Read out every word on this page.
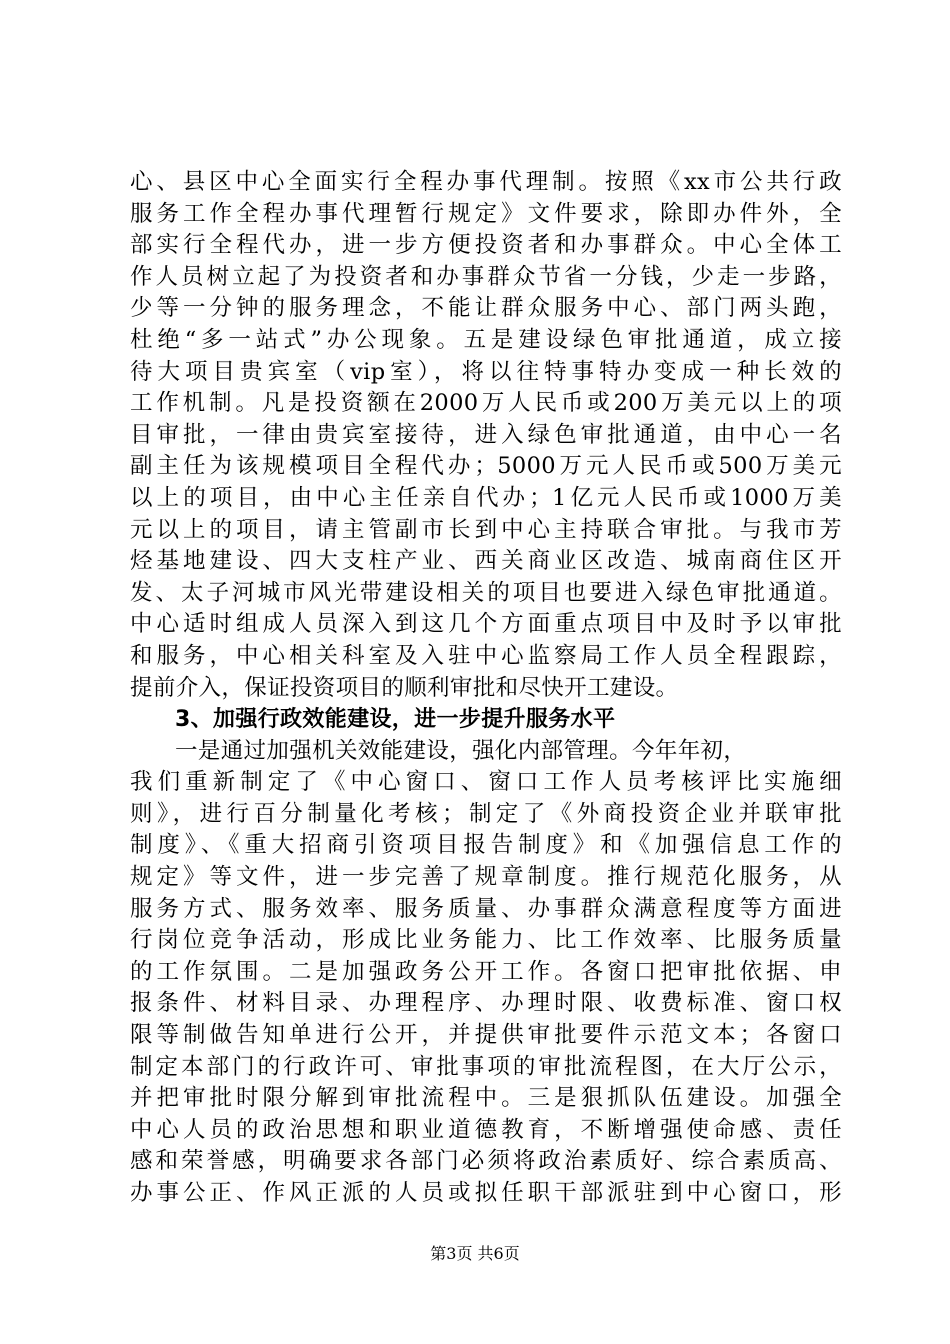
心、县区中心全面实行全程办事代理制。按照《xx市公共行政
服务工作全程办事代理暂行规定》文件要求，除即办件外，全
部实行全程代办，进一步方便投资者和办事群众。中心全体工
作人员树立起了为投资者和办事群众节省一分钱，少走一步路，
少等一分钟的服务理念，不能让群众服务中心、部门两头跑，
杜绝“多一站式”办公现象。五是建设绿色审批通道，成立接
待大项目贵宾室（vip室），将以往特事特办变成一种长效的
工作机制。凡是投资额在2000万人民币或200万美元以上的项
目审批，一律由贵宾室接待，进入绿色审批通道，由中心一名
副主任为该规模项目全程代办；5000万元人民币或500万美元
以上的项目，由中心主任亲自代办；1亿元人民币或1000万美
元以上的项目，请主管副市长到中心主持联合审批。与我市芳
烃基地建设、四大支柱产业、西关商业区改造、城南商住区开
发、太子河城市风光带建设相关的项目也要进入绿色审批通道。
中心适时组成人员深入到这几个方面重点项目中及时予以审批
和服务，中心相关科室及入驻中心监察局工作人员全程跟踪，
提前介入，保证投资项目的顺利审批和尽快开工建设。
3、加强行政效能建设，进一步提升服务水平
一是通过加强机关效能建设，强化内部管理。今年年初，
我们重新制定了《中心窗口、窗口工作人员考核评比实施细
则》，进行百分制量化考核；制定了《外商投资企业并联审批
制度》、《重大招商引资项目报告制度》和《加强信息工作的
规定》等文件，进一步完善了规章制度。推行规范化服务，从
服务方式、服务效率、服务质量、办事群众满意程度等方面进
行岗位竞争活动，形成比业务能力、比工作效率、比服务质量
的工作氛围。二是加强政务公开工作。各窗口把审批依据、申
报条件、材料目录、办理程序、办理时限、收费标准、窗口权
限等制做告知单进行公开，并提供审批要件示范文本；各窗口
制定本部门的行政许可、审批事项的审批流程图，在大厅公示，
并把审批时限分解到审批流程中。三是狠抓队伍建设。加强全
中心人员的政治思想和职业道德教育，不断增强使命感、责任
感和荣誉感，明确要求各部门必须将政治素质好、综合素质高、
办事公正、作风正派的人员或拟任职干部派驻到中心窗口，形
第3页 共6页
